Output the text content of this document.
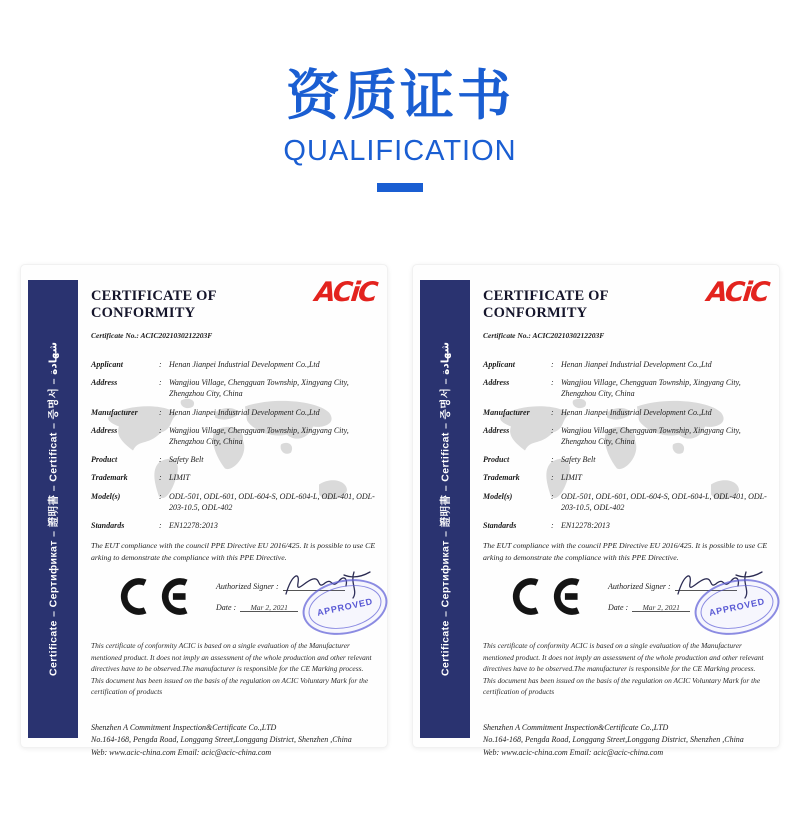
资质证书
QUALIFICATION
Certificate – Сертификат – 證明書 – Certificat – 증명서 – شهادة
CERTIFICATE OF CONFORMITY
ACiC
Certificate No.: ACIC2021030212203F
Applicant	: Henan Jianpei Industrial Development Co.,Ltd
Address	: Wangjiou Village, Chengguan Township, Xingyang City, Zhengzhou City, China
Manufacturer	: Henan Jianpei Industrial Development Co.,Ltd
Address	: Wangjiou Village, Chengguan Township, Xingyang City, Zhengzhou City, China
Product	: Safety Belt
Trademark	: LIMIT
Model(s)	: ODL-501, ODL-601, ODL-604-S, ODL-604-L, ODL-401, ODL-203-10.5, ODL-402
Standards	: EN12278:2013
The EUT compliance with the council PPE Directive EU 2016/425. It is possible to use CE arking to demonstrate the compliance with this PPE Directive.
Authorized Signer :
Date :	Mar 2, 2021	APPROVED
This certificate of conformity ACIC is based on a single evaluation of the Manufacturer mentioned product. It does not imply an assessment of the whole production and other relevant directives have to be observed.The manufacturer is responsible for the CE Marking process. This document has been issued on the basis of the regulation on ACIC Voluntary Mark for the certification of products
Shenzhen A Commitment Inspection&Certificate Co.,LTD
No.164-168, Pengda Road, Longgang Street,Longgang District, Shenzhen ,China
Web: www.acic-china.com Email: acic@acic-china.com
Certificate – Сертификат – 證明書 – Certificat – 증명서 – شهادة
CERTIFICATE OF CONFORMITY
ACiC
Certificate No.: ACIC2021030212203F
Applicant	: Henan Jianpei Industrial Development Co.,Ltd
Address	: Wangjiou Village, Chengguan Township, Xingyang City, Zhengzhou City, China
Manufacturer	: Henan Jianpei Industrial Development Co.,Ltd
Address	: Wangjiou Village, Chengguan Township, Xingyang City, Zhengzhou City, China
Product	: Safety Belt
Trademark	: LIMIT
Model(s)	: ODL-501, ODL-601, ODL-604-S, ODL-604-L, ODL-401, ODL-203-10.5, ODL-402
Standards	: EN12278:2013
The EUT compliance with the council PPE Directive EU 2016/425. It is possible to use CE arking to demonstrate the compliance with this PPE Directive.
Authorized Signer :
Date :	Mar 2, 2021	APPROVED
This certificate of conformity ACIC is based on a single evaluation of the Manufacturer mentioned product. It does not imply an assessment of the whole production and other relevant directives have to be observed.The manufacturer is responsible for the CE Marking process. This document has been issued on the basis of the regulation on ACIC Voluntary Mark for the certification of products
Shenzhen A Commitment Inspection&Certificate Co.,LTD
No.164-168, Pengda Road, Longgang Street,Longgang District, Shenzhen ,China
Web: www.acic-china.com Email: acic@acic-china.com
